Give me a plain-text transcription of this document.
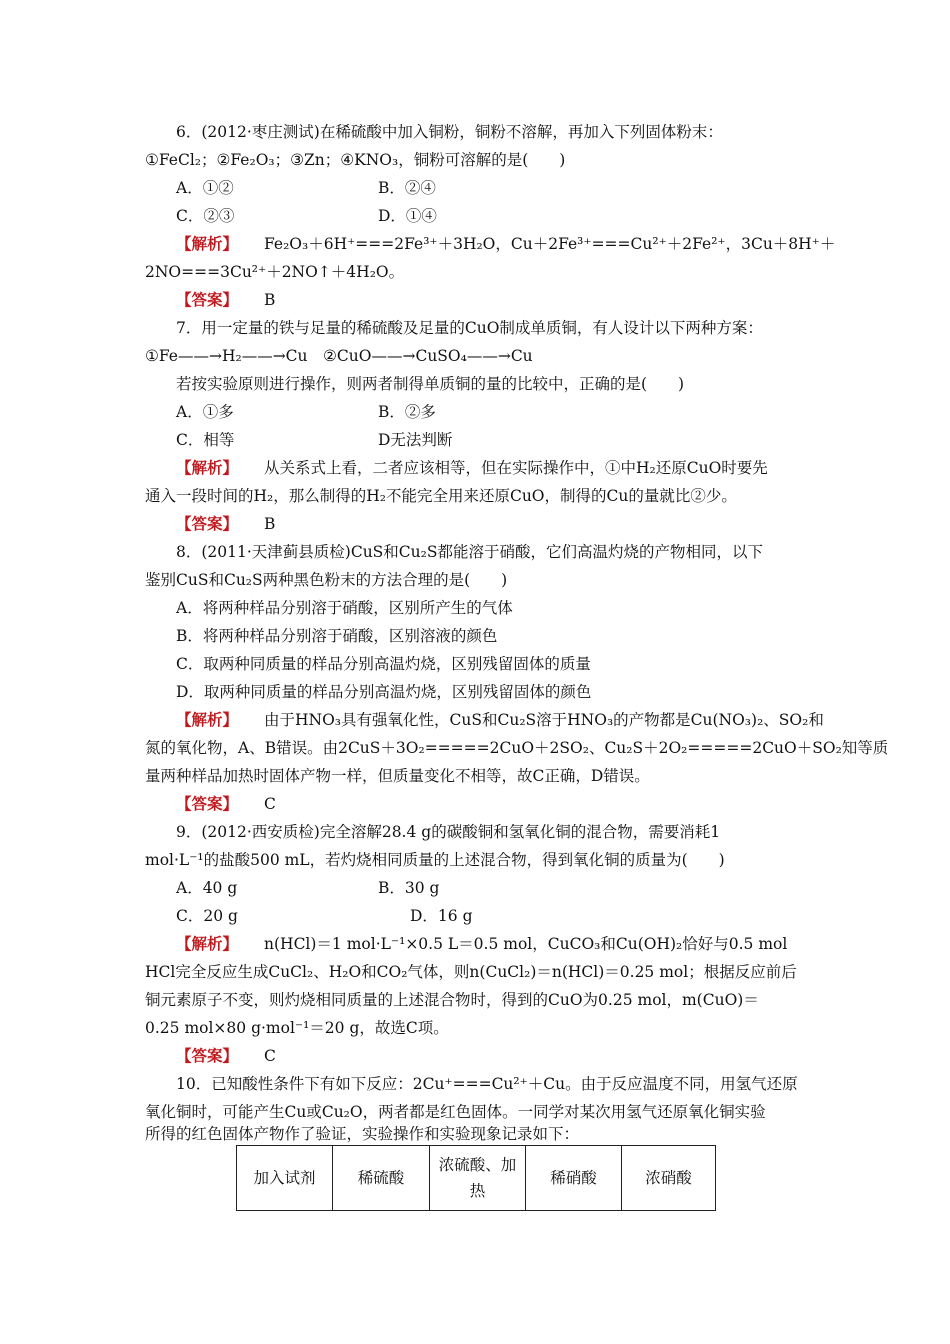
6．(2012·枣庄测试)在稀硫酸中加入铜粉，铜粉不溶解，再加入下列固体粉末：
①FeCl₂；②Fe₂O₃；③Zn；④KNO₃，铜粉可溶解的是(　　)
A．①②	B．②④
C．②③	D．①④
【解析】 Fe₂O₃＋6H⁺===2Fe³⁺＋3H₂O，Cu＋2Fe³⁺===Cu²⁺＋2Fe²⁺，3Cu＋8H⁺＋
2NO===3Cu²⁺＋2NO↑＋4H₂O。
【答案】 B
7．用一定量的铁与足量的稀硫酸及足量的CuO制成单质铜，有人设计以下两种方案：
①Fe——→H₂——→Cu　②CuO——→CuSO₄——→Cu
若按实验原则进行操作，则两者制得单质铜的量的比较中，正确的是(　　)
A．①多	B．②多
C．相等	D无法判断
【解析】 从关系式上看，二者应该相等，但在实际操作中，①中H₂还原CuO时要先
通入一段时间的H₂，那么制得的H₂不能完全用来还原CuO，制得的Cu的量就比②少。
【答案】 B
8．(2011·天津蓟县质检)CuS和Cu₂S都能溶于硝酸，它们高温灼烧的产物相同，以下
鉴别CuS和Cu₂S两种黑色粉末的方法合理的是(　　)
A．将两种样品分别溶于硝酸，区别所产生的气体
B．将两种样品分别溶于硝酸，区别溶液的颜色
C．取两种同质量的样品分别高温灼烧，区别残留固体的质量
D．取两种同质量的样品分别高温灼烧，区别残留固体的颜色
【解析】 由于HNO₃具有强氧化性，CuS和Cu₂S溶于HNO₃的产物都是Cu(NO₃)₂、SO₂和
氮的氧化物，A、B错误。由2CuS＋3O₂=====2CuO＋2SO₂、Cu₂S＋2O₂=====2CuO＋SO₂知等质
量两种样品加热时固体产物一样，但质量变化不相等，故C正确，D错误。
【答案】 C
9．(2012·西安质检)完全溶解28.4 g的碳酸铜和氢氧化铜的混合物，需要消耗1
mol·L⁻¹的盐酸500 mL，若灼烧相同质量的上述混合物，得到氧化铜的质量为(　　)
A．40 g	B．30 g
C．20 g	D．16 g
【解析】 n(HCl)＝1 mol·L⁻¹×0.5 L＝0.5 mol，CuCO₃和Cu(OH)₂恰好与0.5 mol
HCl完全反应生成CuCl₂、H₂O和CO₂气体，则n(CuCl₂)＝n(HCl)＝0.25 mol；根据反应前后
铜元素原子不变，则灼烧相同质量的上述混合物时，得到的CuO为0.25 mol，m(CuO)＝
0.25 mol×80 g·mol⁻¹＝20 g，故选C项。
【答案】 C
10．已知酸性条件下有如下反应：2Cu⁺===Cu²⁺＋Cu。由于反应温度不同，用氢气还原
氧化铜时，可能产生Cu或Cu₂O，两者都是红色固体。一同学对某次用氢气还原氧化铜实验
所得的红色固体产物作了验证，实验操作和实验现象记录如下：
加入试剂	稀硫酸	浓硫酸、加热	稀硝酸	浓硝酸
